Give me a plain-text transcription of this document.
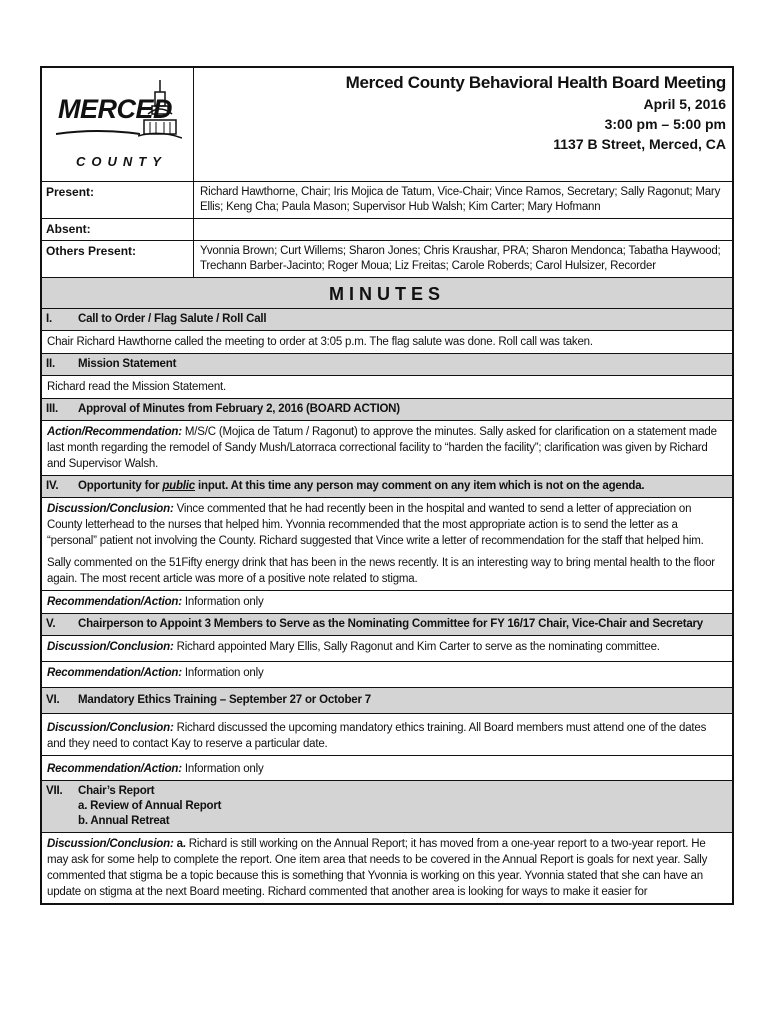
MERCED
COUNTY
Merced County Behavioral Health Board Meeting
April 5, 2016
3:00 pm – 5:00 pm
1137 B Street, Merced, CA
Present:	Richard Hawthorne, Chair; Iris Mojica de Tatum, Vice-Chair; Vince Ramos, Secretary; Sally Ragonut; Mary Ellis; Keng Cha; Paula Mason; Supervisor Hub Walsh; Kim Carter; Mary Hofmann
Absent:
Others Present:	Yvonnia Brown; Curt Willems; Sharon Jones; Chris Kraushar, PRA; Sharon Mendonca; Tabatha Haywood; Trechann Barber-Jacinto; Roger Moua; Liz Freitas; Carole Roberds; Carol Hulsizer, Recorder
MINUTES
I. Call to Order / Flag Salute / Roll Call
Chair Richard Hawthorne called the meeting to order at 3:05 p.m. The flag salute was done. Roll call was taken.
II. Mission Statement
Richard read the Mission Statement.
III. Approval of Minutes from February 2, 2016 (BOARD ACTION)
Action/Recommendation: M/S/C (Mojica de Tatum / Ragonut) to approve the minutes. Sally asked for clarification on a statement made last month regarding the remodel of Sandy Mush/Latorraca correctional facility to “harden the facility”; clarification was given by Richard and Supervisor Walsh.
IV. Opportunity for public input. At this time any person may comment on any item which is not on the agenda.

Discussion/Conclusion: Vince commented that he had recently been in the hospital and wanted to send a letter of appreciation on County letterhead to the nurses that helped him. Yvonnia recommended that the most appropriate action is to send the letter as a “personal” patient not involving the County. Richard suggested that Vince write a letter of recommendation for the staff that helped him.

Sally commented on the 51Fifty energy drink that has been in the news recently. It is an interesting way to bring mental health to the floor again. The most recent article was more of a positive note related to stigma.

Recommendation/Action: Information only
V. Chairperson to Appoint 3 Members to Serve as the Nominating Committee for FY 16/17 Chair, Vice-Chair and Secretary
Discussion/Conclusion: Richard appointed Mary Ellis, Sally Ragonut and Kim Carter to serve as the nominating committee.
Recommendation/Action: Information only
VI. Mandatory Ethics Training – September 27 or October 7
Discussion/Conclusion: Richard discussed the upcoming mandatory ethics training. All Board members must attend one of the dates and they need to contact Kay to reserve a particular date.
Recommendation/Action: Information only
VII. Chair’s Report
a. Review of Annual Report
b. Annual Retreat
Discussion/Conclusion: a. Richard is still working on the Annual Report; it has moved from a one-year report to a two-year report. He may ask for some help to complete the report. One item area that needs to be covered in the Annual Report is goals for next year. Sally commented that stigma be a topic because this is something that Yvonnia is working on this year. Yvonnia stated that she can have an update on stigma at the next Board meeting. Richard commented that another area is looking for ways to make it easier for
